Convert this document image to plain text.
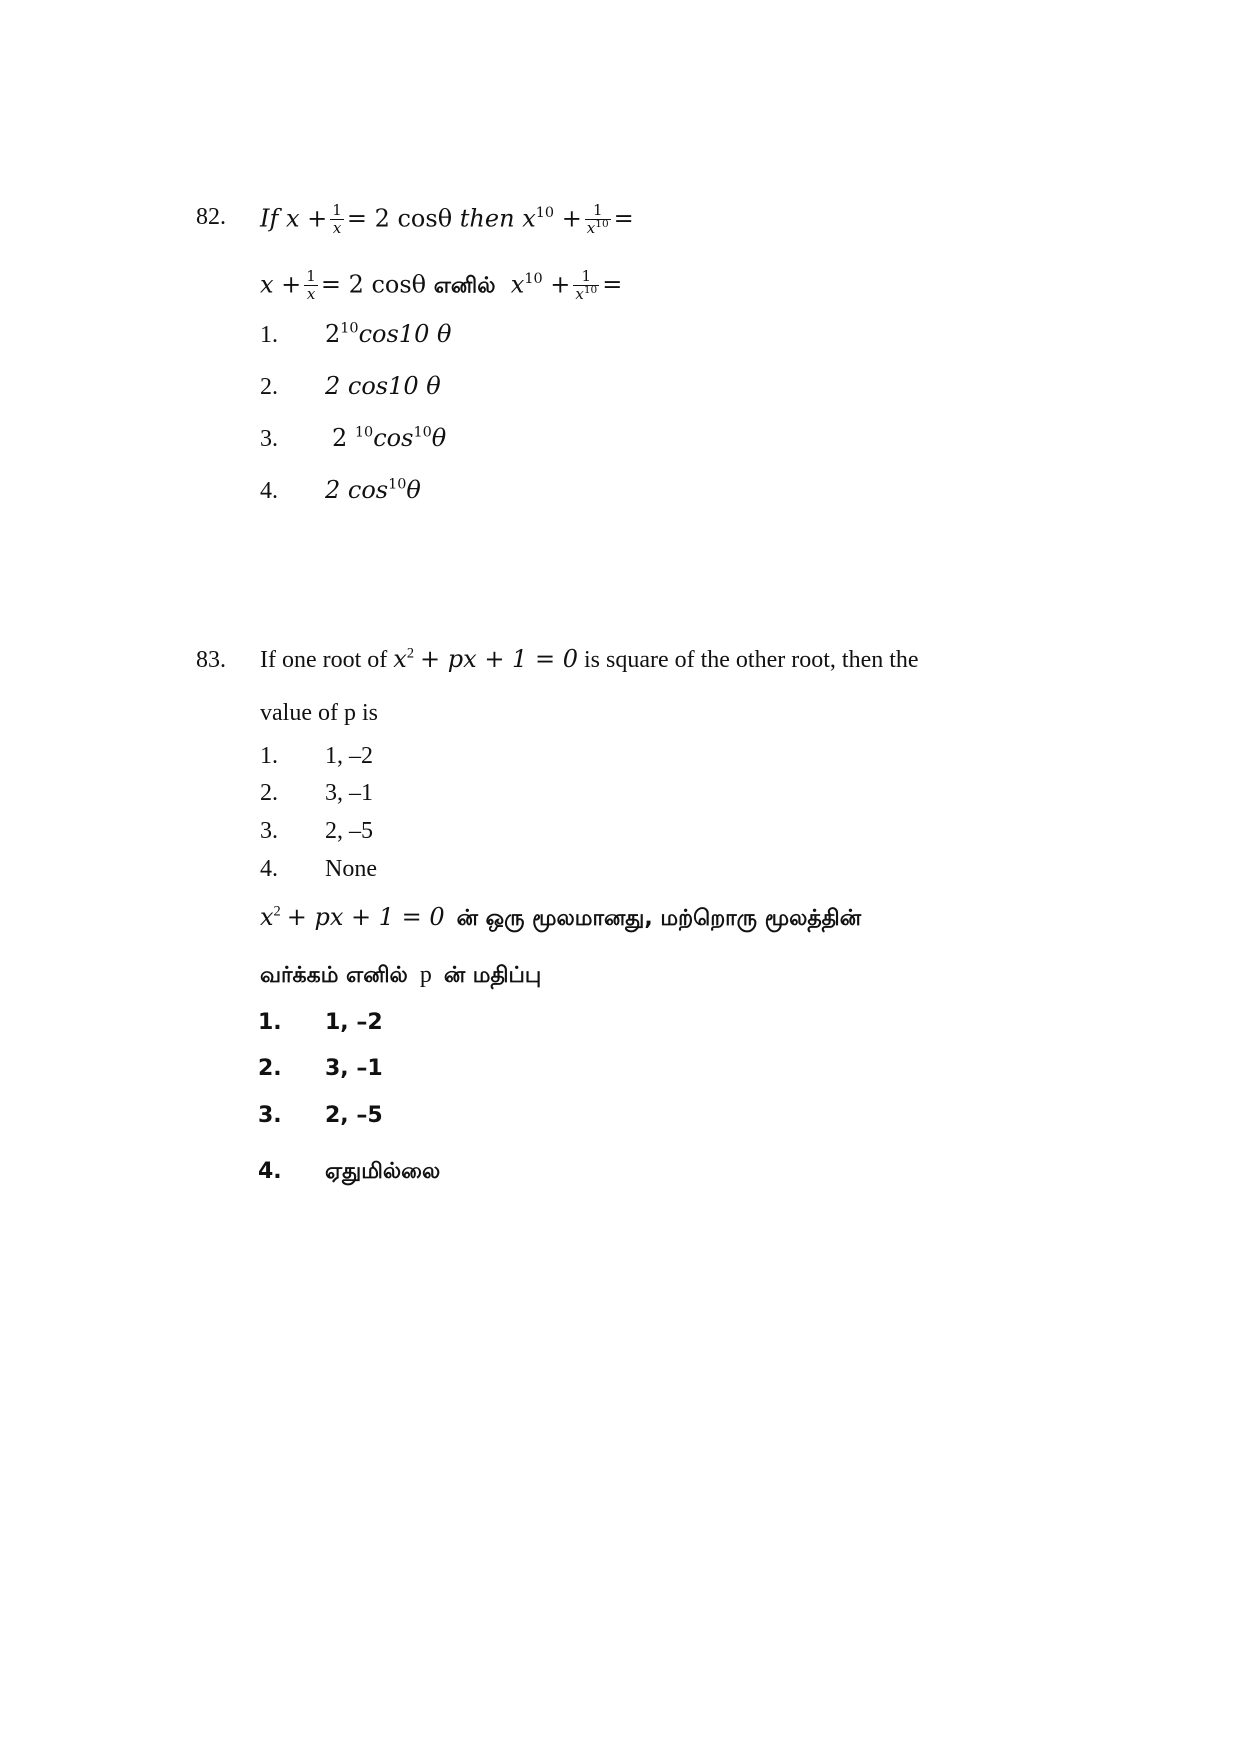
82. If $x + \frac{1}{x} = 2$ cosθ then $x^{10} + \frac{1}{x^{10}}$ =
$x + \frac{1}{x} = 2$ cosθ எனில் $x^{10} + \frac{1}{x^{10}}$ =
1. $2^{10}\cos 10$ θ
2. 2 cos10 θ
3. 2 $^{10}\cos^{10}\theta$
4. 2 $\cos^{10}\theta$
83. If one root of $x^2$ + px + 1 = 0 is square of the other root, then the
value of p is
1. 1, –2
2. 3, –1
3. 2, –5
4. None
$x^2$ + px + 1 = 0 ன் ஒரு மூலமானது, மற்றொரு மூலத்தின்
வர்க்கம் எனில் p ன் மதிப்பு
1. 1, –2
2. 3, –1
3. 2, –5
4. ஏதுமில்லை
